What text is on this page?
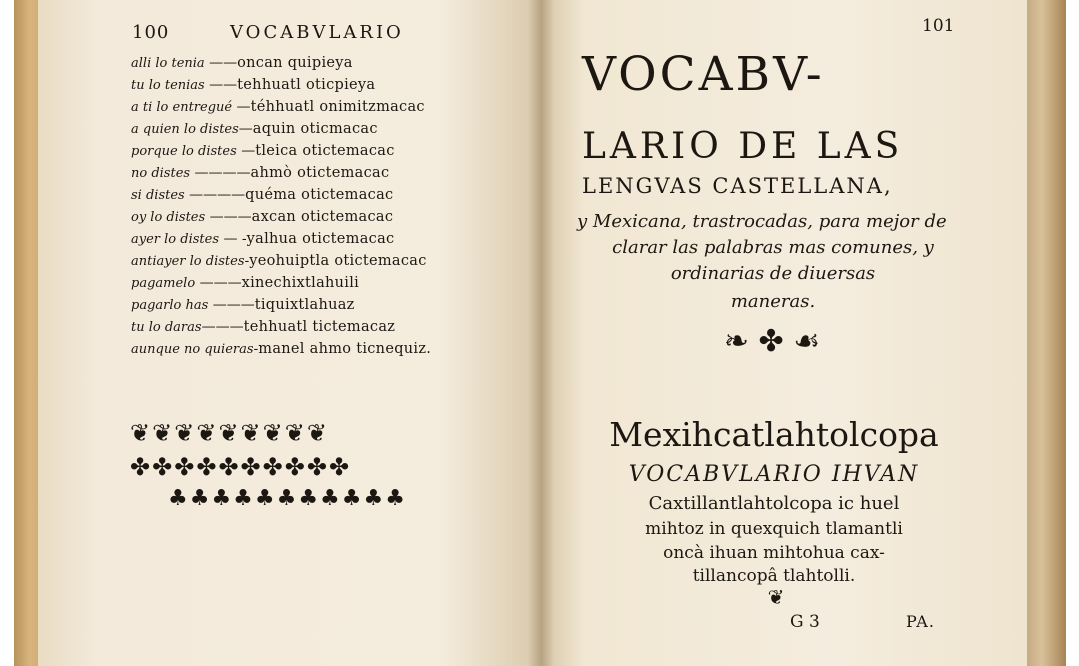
100	VOCABVLARIO
alli lo tenia ——oncan quipieya
tu lo tenias ——tehhuatl oticpieya
a ti lo entregué —téhhuatl onimitzmacac
a quien lo distes—aquin oticmacac
porque lo distes —tleica otictemacac
no distes ————ahmò otictemacac
si distes ————quéma otictemacac
oy lo distes ———axcan otictemacac
ayer lo distes — -yalhua otictemacac
antiayer lo distes-yeohuiptla otictemacac
pagamelo ———xinechixtlahuili
pagarlo has ———tiquixtlahuaz
tu lo daras———tehhuatl tictemacaz
aunque no quieras-manel ahmo ticnequiz.
❦❦❦❦❦❦❦❦❦
✤✤✤✤✤✤✤✤✤✤
♣♣♣♣♣♣♣♣♣♣♣
101
VOCABV-
LARIO DE LAS
LENGVAS CASTELLANA,
y Mexicana, trastrocadas, para mejor de
clarar las palabras mas comunes, y
ordinarias de diuersas
maneras.
❧ ✤ ☙
Mexihcatlahtolcopa
VOCABVLARIO IHVAN
Caxtillantlahtolcopa ic huel
mihtoz in quexquich tlamantli
oncà ihuan mihtohua cax-
tillancopâ tlahtolli.
❦
G 3	PA.
